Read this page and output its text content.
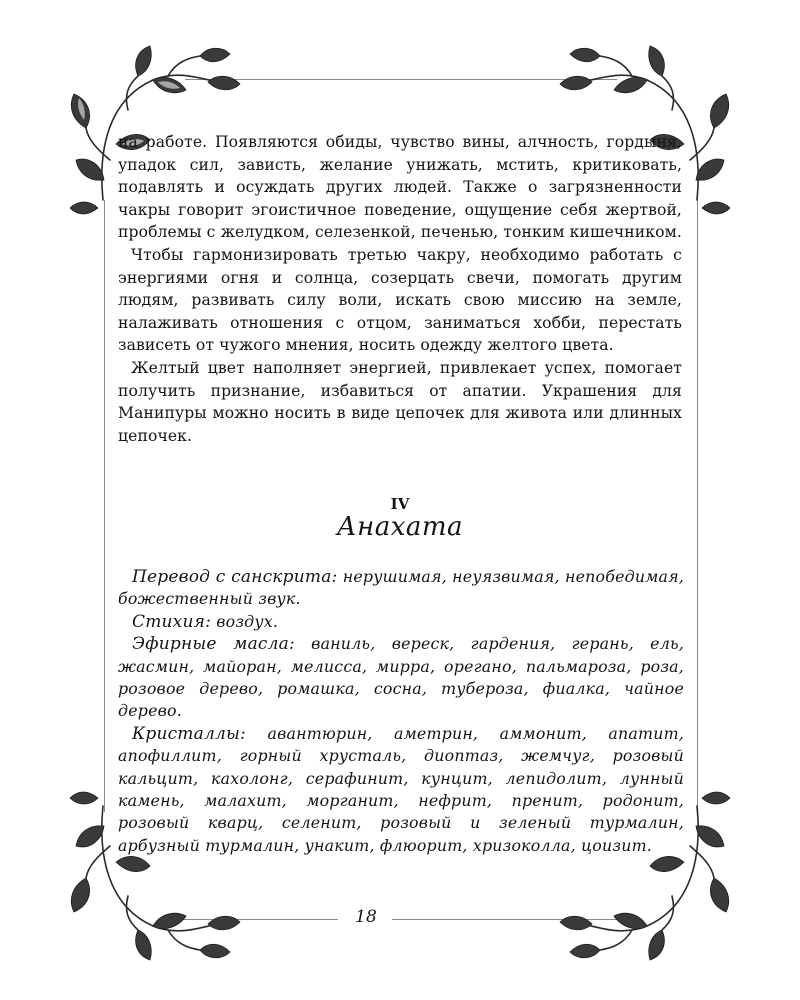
на работе. Появляются обиды, чувство вины, алчность, гордыня, упадок сил, зависть, желание унижать, мстить, критиковать, подавлять и осуждать других людей. Также о загрязненности чакры говорит эгоистичное поведение, ощущение себя жертвой, проблемы с желудком, селезенкой, печенью, тонким кишечником.

Чтобы гармонизировать третью чакру, необходимо работать с энергиями огня и солнца, созерцать свечи, помогать другим людям, развивать силу воли, искать свою миссию на земле, налаживать отношения с отцом, заниматься хобби, перестать зависеть от чужого мнения, носить одежду желтого цвета.

Желтый цвет наполняет энергией, привлекает успех, помогает получить признание, избавиться от апатии. Украшения для Манипуры можно носить в виде цепочек для живота или длинных цепочек.

IV
Анахата

Перевод с санскрита: нерушимая, неуязвимая, непобедимая, божественный звук.

Стихия: воздух.

Эфирные масла: ваниль, вереск, гардения, герань, ель, жасмин, майоран, мелисса, мирра, орегано, пальмароза, роза, розовое дерево, ромашка, сосна, тубероза, фиалка, чайное дерево.

Кристаллы: авантюрин, аметрин, аммонит, апатит, апофиллит, горный хрусталь, диоптаз, жемчуг, розовый кальцит, кахолонг, серафинит, кунцит, лепидолит, лунный камень, малахит, морганит, нефрит, пренит, родонит, розовый кварц, селенит, розовый и зеленый турмалин, арбузный турмалин, унакит, флюорит, хризоколла, цоизит.

18
